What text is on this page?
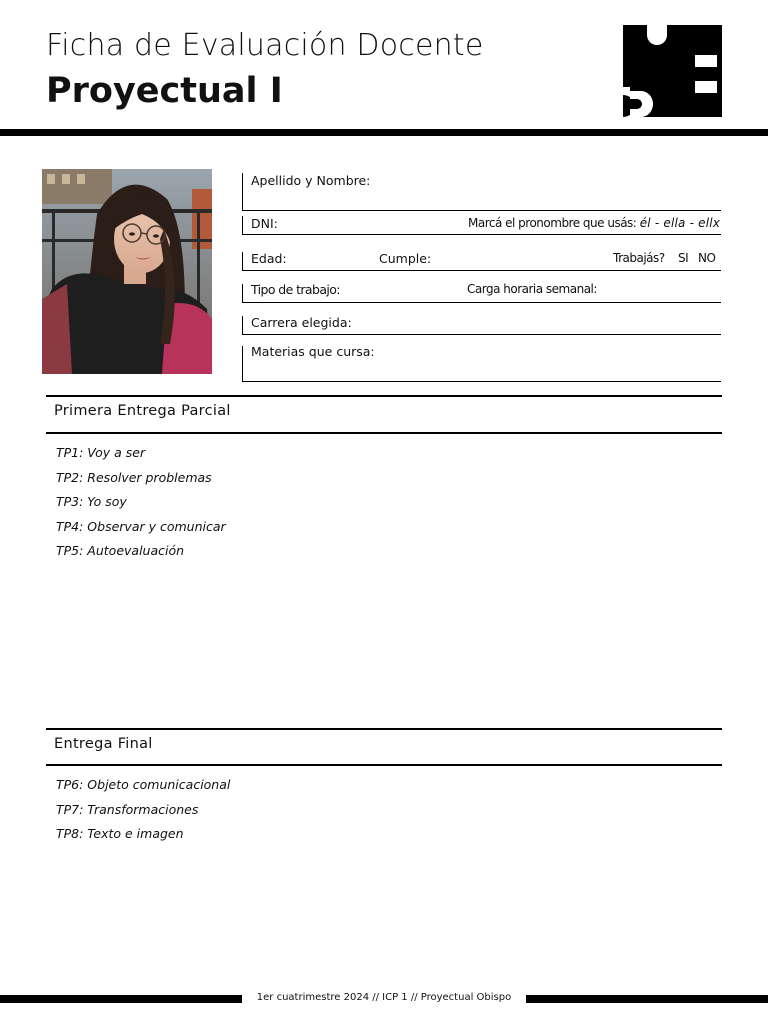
Ficha de Evaluación Docente
Proyectual I
Apellido y Nombre:
DNI:	Marcá el pronombre que usás: él - ella - ellx
Edad:	Cumple:	Trabajás? SI NO
Tipo de trabajo:	Carga horaria semanal:
Carrera elegida:
Materias que cursa:
Primera Entrega Parcial
TP1: Voy a ser
TP2: Resolver problemas
TP3: Yo soy
TP4: Observar y comunicar
TP5: Autoevaluación
Entrega Final
TP6: Objeto comunicacional
TP7: Transformaciones
TP8: Texto e imagen
1er cuatrimestre 2024 // ICP 1 // Proyectual Obispo
